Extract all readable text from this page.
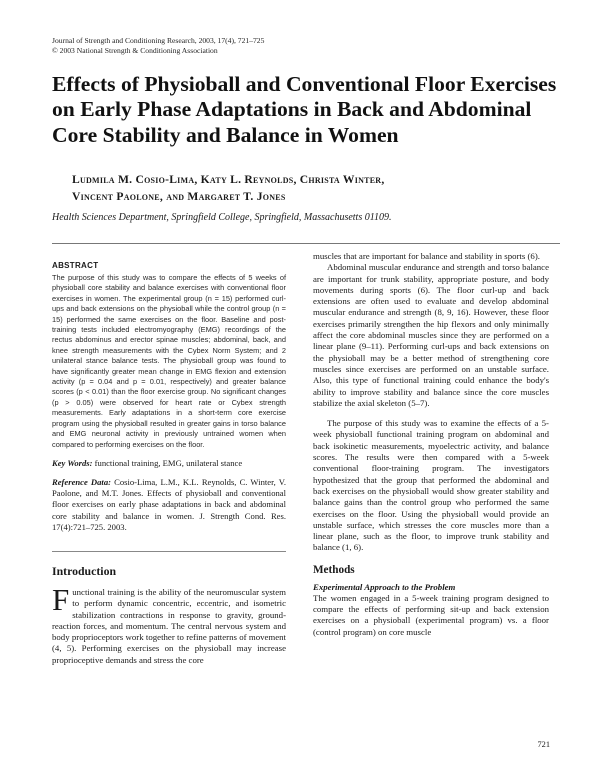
Journal of Strength and Conditioning Research, 2003, 17(4), 721–725
© 2003 National Strength & Conditioning Association
Effects of Physioball and Conventional Floor Exercises on Early Phase Adaptations in Back and Abdominal Core Stability and Balance in Women
Ludmila M. Cosio-Lima, Katy L. Reynolds, Christa Winter,
Vincent Paolone, and Margaret T. Jones
Health Sciences Department, Springfield College, Springfield, Massachusetts 01109.
ABSTRACT

The purpose of this study was to compare the effects of 5 weeks of physioball core stability and balance exercises with conventional floor exercises in women. The experimental group (n = 15) performed curl-ups and back extensions on the physioball while the control group (n = 15) performed the same exercises on the floor. Baseline and post-training tests included electromyography (EMG) recordings of the rectus abdominus and erector spinae muscles; abdominal, back, and knee strength measurements with the Cybex Norm System; and 2 unilateral stance balance tests. The physioball group was found to have significantly greater mean change in EMG flexion and extension activity (p = 0.04 and p = 0.01, respectively) and greater balance scores (p < 0.01) than the floor exercise group. No significant changes (p > 0.05) were observed for heart rate or Cybex strength measurements. Early adaptations in a short-term core exercise program using the physioball resulted in greater gains in torso balance and EMG neuronal activity in previously untrained women when compared to performing exercises on the floor.

Key Words: functional training, EMG, unilateral stance

Reference Data: Cosio-Lima, L.M., K.L. Reynolds, C. Winter, V. Paolone, and M.T. Jones. Effects of physioball and conventional floor exercises on early phase adaptations in back and abdominal core stability and balance in women. J. Strength Cond. Res. 17(4):721–725. 2003.

Introduction

Functional training is the ability of the neuromuscular system to perform dynamic concentric, eccentric, and isometric stabilization contractions in response to gravity, ground-reaction forces, and momentum. The central nervous system and body proprioceptors work together to refine patterns of movement (4, 5). Performing exercises on the physioball may increase proprioceptive demands and stress the core

muscles that are important for balance and stability in sports (6).

Abdominal muscular endurance and strength and torso balance are important for trunk stability, appropriate posture, and body movements during sports (6). The floor curl-up and back extensions are often used to evaluate and develop abdominal muscular endurance and strength (8, 9, 16). However, these floor exercises primarily strengthen the hip flexors and only minimally affect the core abdominal muscles since they are performed on a linear plane (9–11). Performing curl-ups and back extensions on the physioball may be a better method of strengthening core muscles since exercises are performed on an unstable surface. Also, this type of functional training could enhance the body's ability to improve stability and balance since the core muscles stabilize the axial skeleton (5–7).

The purpose of this study was to examine the effects of a 5-week physioball functional training program on abdominal and back isokinetic measurements, myoelectric activity, and balance scores. The results were then compared with a 5-week conventional floor-training program. The investigators hypothesized that the group that performed the abdominal and back exercises on the physioball would show greater stability and balance gains than the control group who performed the same exercises on the floor. Using the physioball would provide an unstable surface, which stresses the core muscles more than a linear plane, such as the floor, to improve trunk stability and balance (1, 6).

Methods
Experimental Approach to the Problem

The women engaged in a 5-week training program designed to compare the effects of performing sit-up and back extension exercises on a physioball (experimental program) vs. a floor (control program) on core muscle

721
